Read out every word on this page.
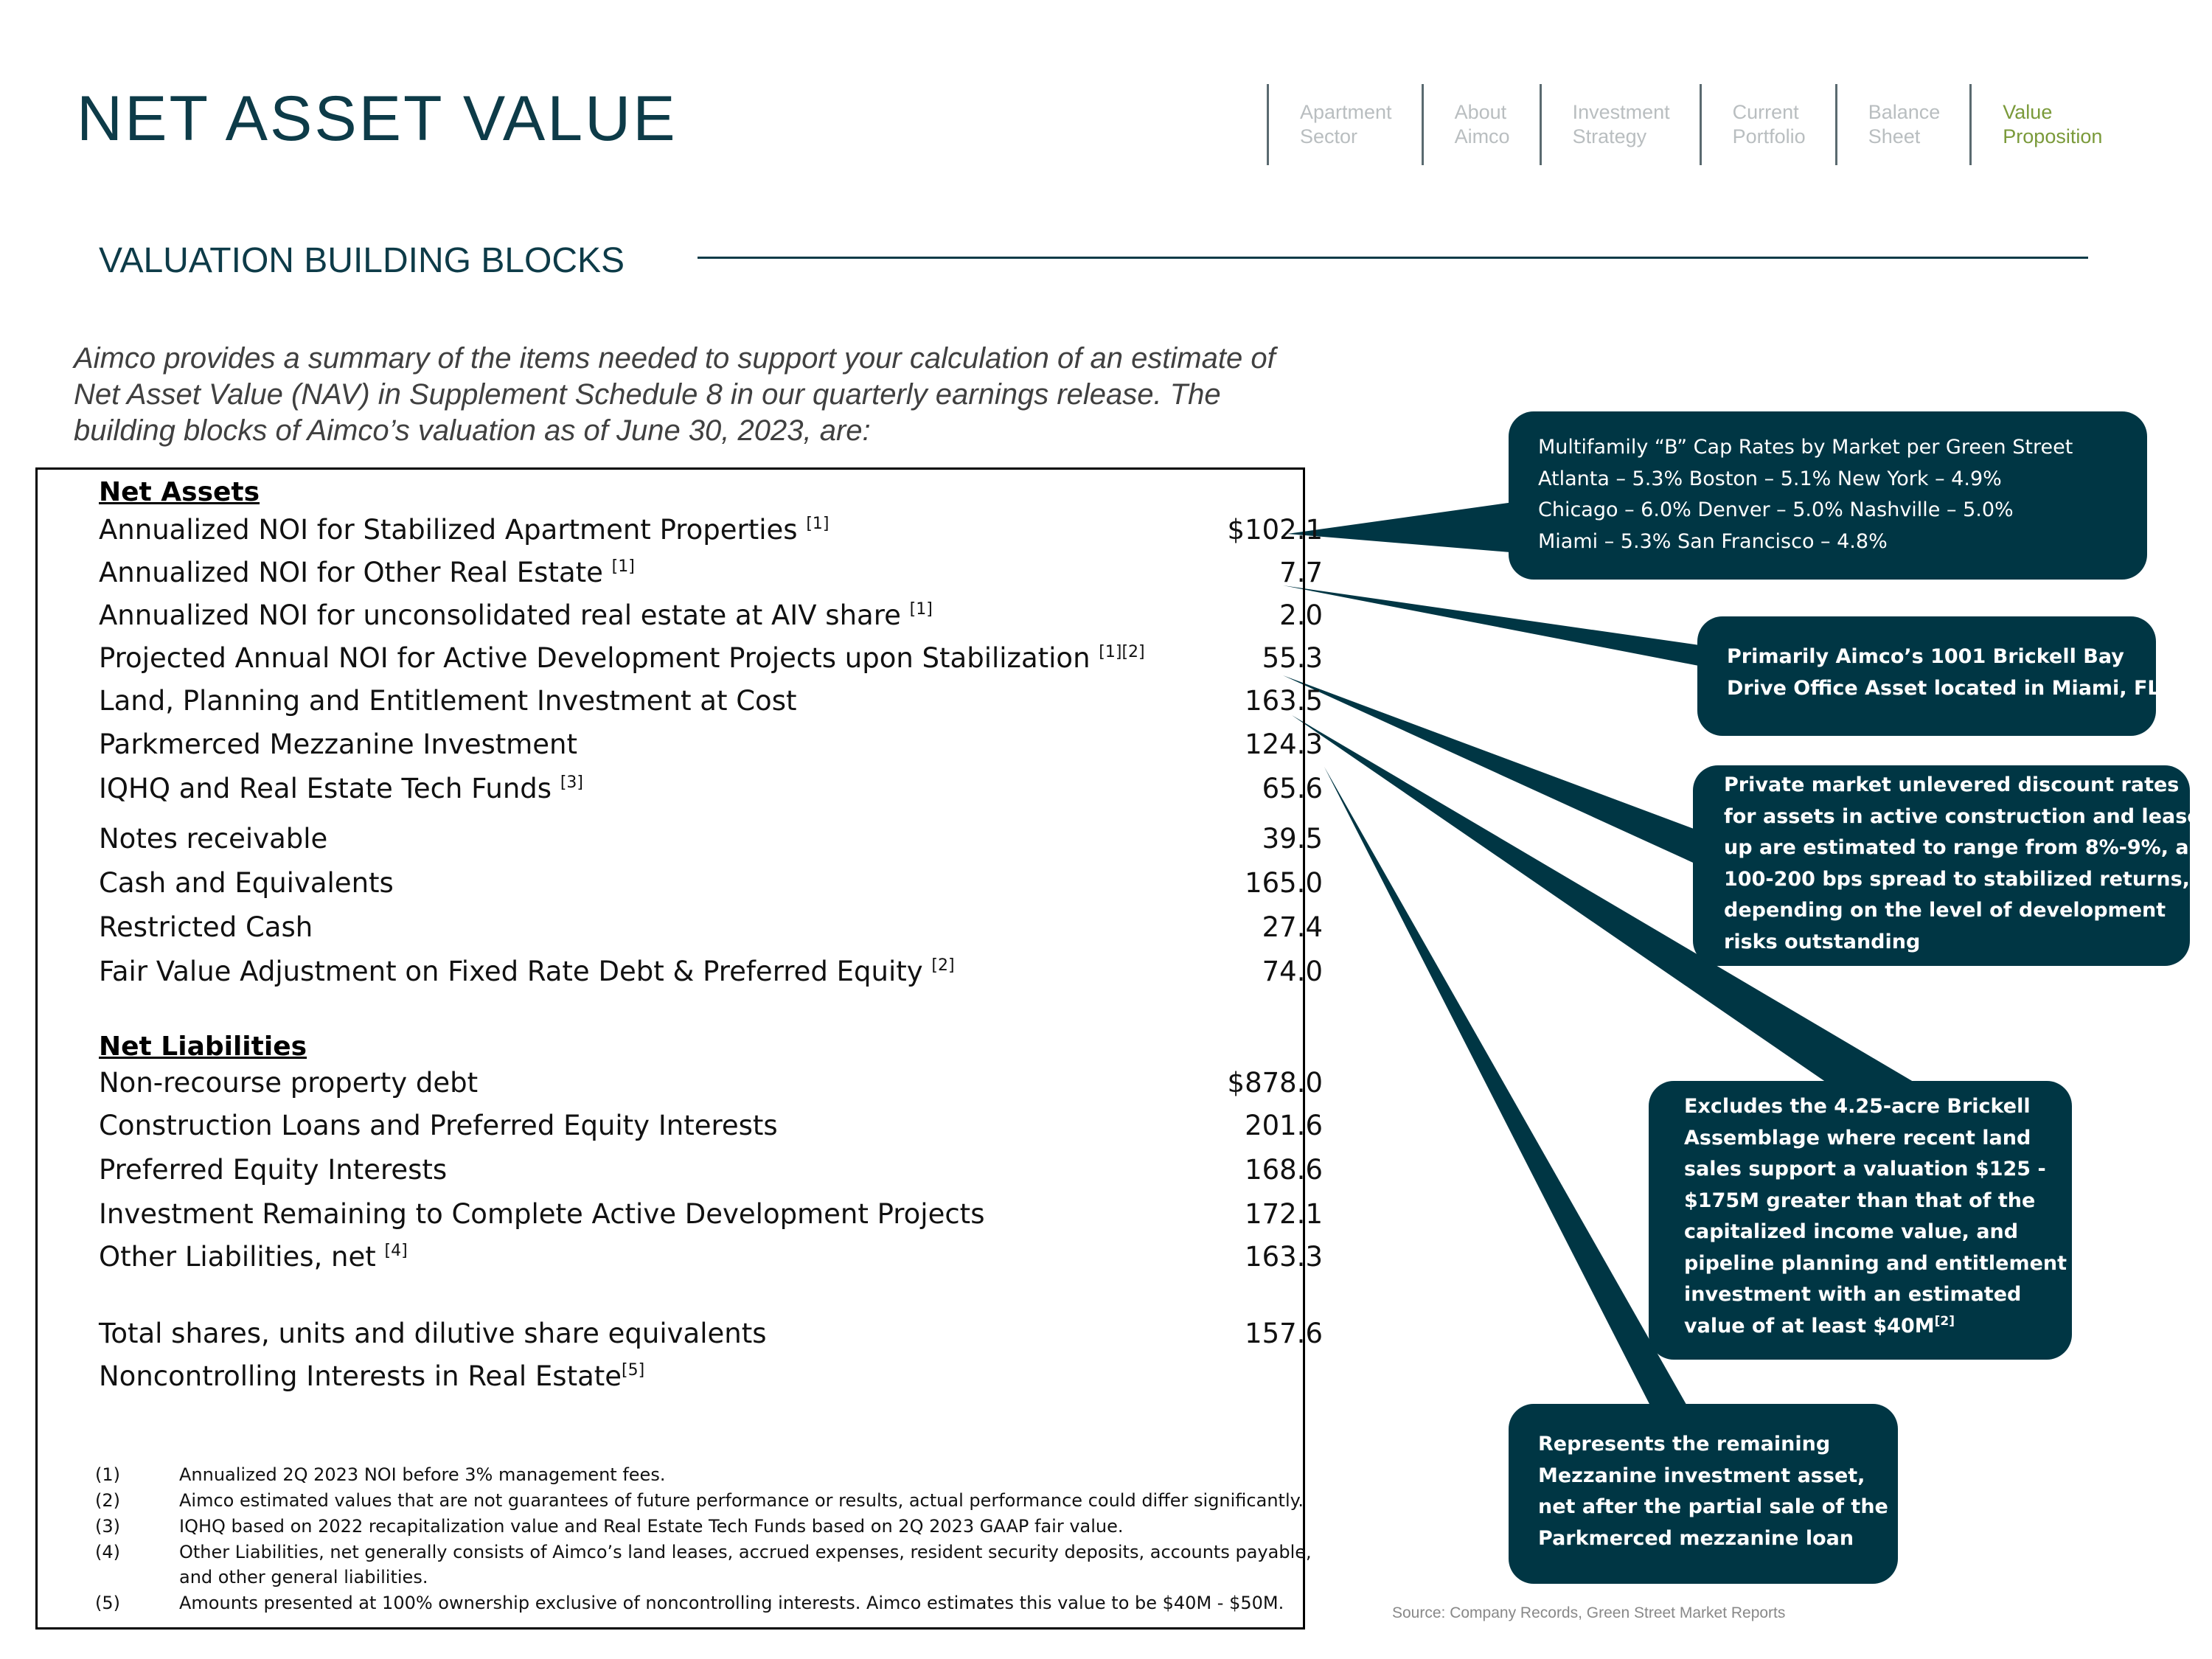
NET ASSET VALUE	Apartment
Sector
About
Aimco
Investment
Strategy
Current
Portfolio
Balance
Sheet
Value
Proposition
VALUATION BUILDING BLOCKS
Aimco provides a summary of the items needed to support your calculation of an estimate of Net Asset Value (NAV) in Supplement Schedule 8 in our quarterly earnings release. The building blocks of Aimco’s valuation as of June 30, 2023, are:
Net Assets
Annualized NOI for Stabilized Apartment Properties [1]	$102.1
Annualized NOI for Other Real Estate [1]	7.7
Annualized NOI for unconsolidated real estate at AIV share [1]	2.0
Projected Annual NOI for Active Development Projects upon Stabilization [1][2]	55.3
Land, Planning and Entitlement Investment at Cost	163.5
Parkmerced Mezzanine Investment	124.3
IQHQ and Real Estate Tech Funds [3]	65.6
Notes receivable	39.5
Cash and Equivalents	165.0
Restricted Cash	27.4
Fair Value Adjustment on Fixed Rate Debt & Preferred Equity [2]	74.0
Net Liabilities
Non-recourse property debt	$878.0
Construction Loans and Preferred Equity Interests	201.6
Preferred Equity Interests	168.6
Investment Remaining to Complete Active Development Projects	172.1
Other Liabilities, net [4]	163.3
Total shares, units and dilutive share equivalents	157.6
Noncontrolling Interests in Real Estate[5]
(1)	Annualized 2Q 2023 NOI before 3% management fees.
(2)	Aimco estimated values that are not guarantees of future performance or results, actual performance could differ significantly.
(3)	IQHQ based on 2022 recapitalization value and Real Estate Tech Funds based on 2Q 2023 GAAP fair value.
(4)	Other Liabilities, net generally consists of Aimco’s land leases, accrued expenses, resident security deposits, accounts payable, and other general liabilities.
(5)	Amounts presented at 100% ownership exclusive of noncontrolling interests. Aimco estimates this value to be $40M - $50M.
Multifamily “B” Cap Rates by Market per Green Street
Atlanta – 5.3% Boston – 5.1% New York – 4.9%
Chicago – 6.0% Denver – 5.0% Nashville – 5.0%
Miami – 5.3% San Francisco – 4.8%
Primarily Aimco’s 1001 Brickell Bay
Drive Office Asset located in Miami, FL
Private market unlevered discount rates
for assets in active construction and lease-
up are estimated to range from 8%-9%, a
100-200 bps spread to stabilized returns,
depending on the level of development
risks outstanding
Excludes the 4.25-acre Brickell
Assemblage where recent land
sales support a valuation $125 -
$175M greater than that of the
capitalized income value, and
pipeline planning and entitlement
investment with an estimated
value of at least $40M[2]
Represents the remaining
Mezzanine investment asset,
net after the partial sale of the
Parkmerced mezzanine loan
Source: Company Records, Green Street Market Reports
